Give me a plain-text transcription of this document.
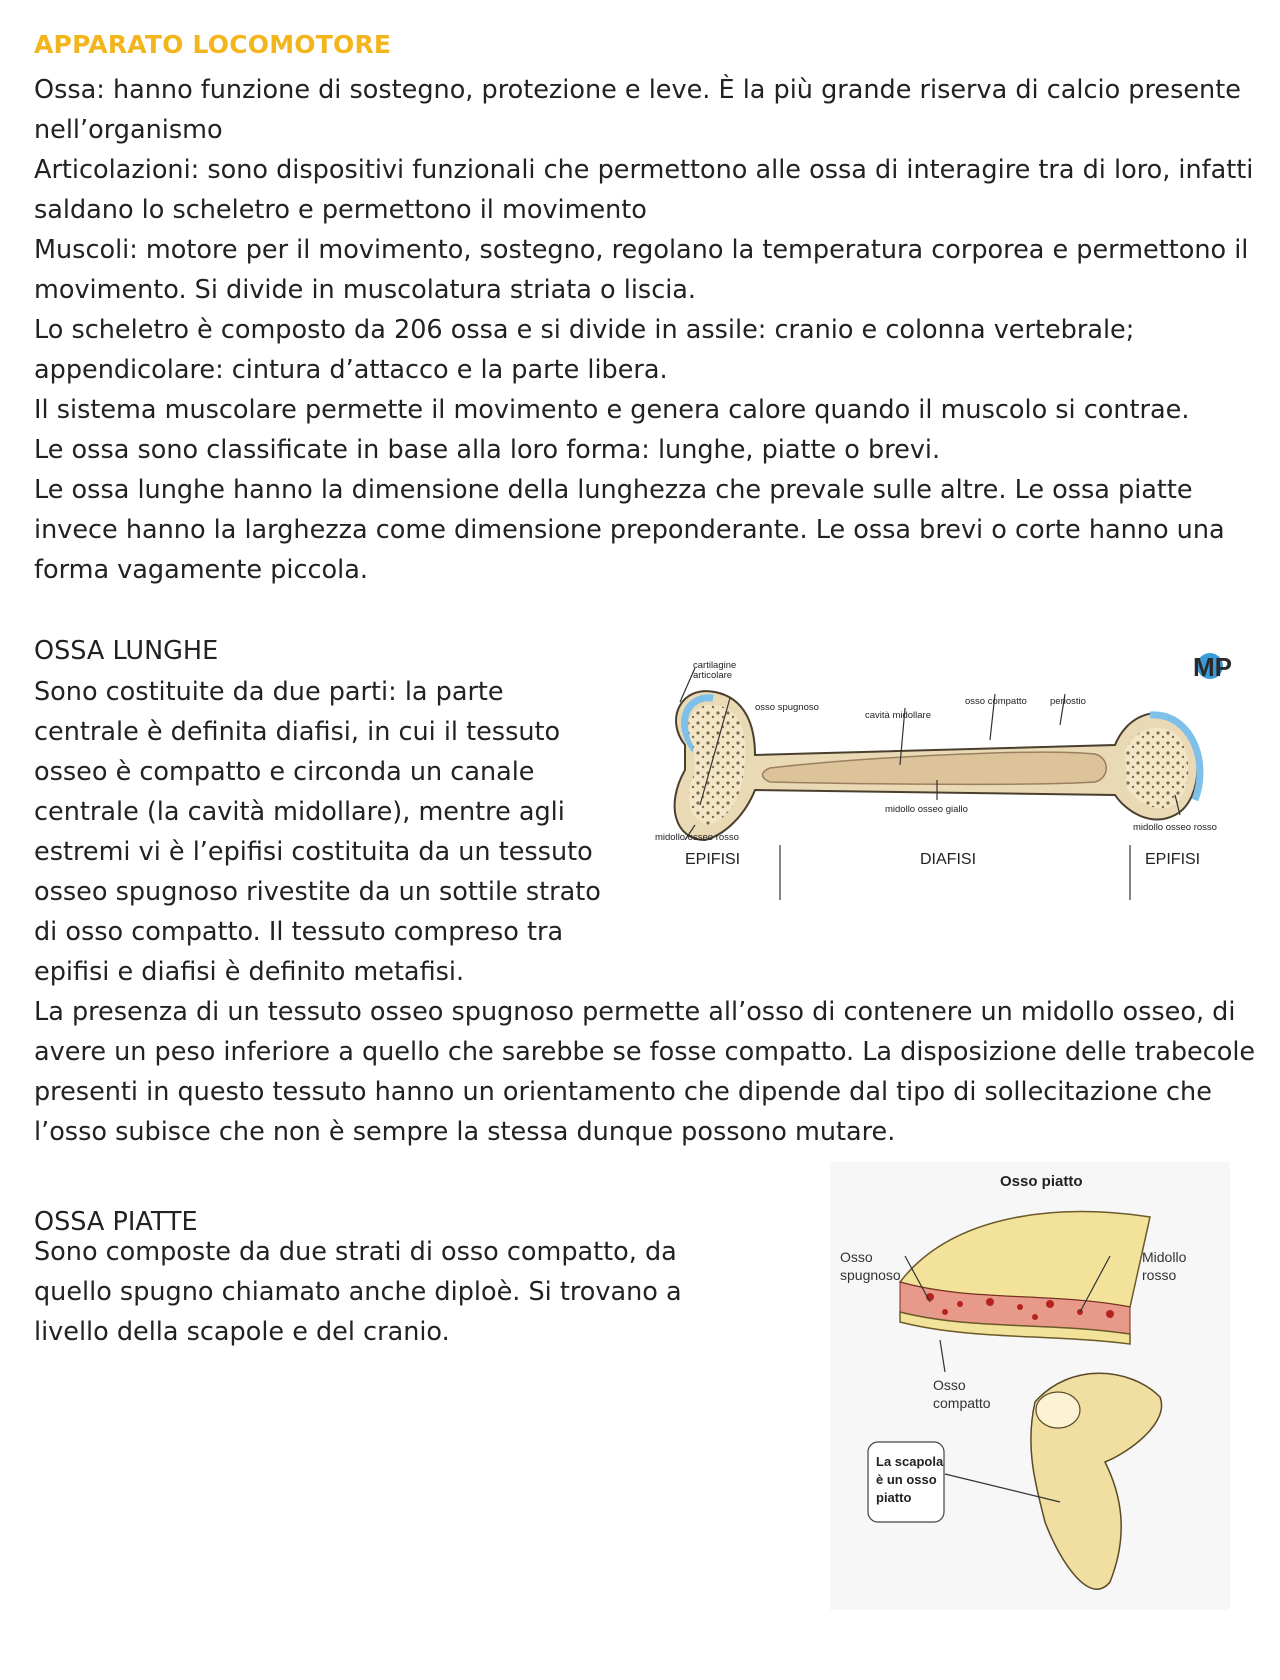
APPARATO LOCOMOTORE

Ossa: hanno funzione di sostegno, protezione e leve. È la più grande riserva di calcio presente nell’organismo

Articolazioni: sono dispositivi funzionali che permettono alle ossa di interagire tra di loro, infatti saldano lo scheletro e permettono il movimento

Muscoli: motore per il movimento, sostegno, regolano la temperatura corporea e permettono il movimento. Si divide in muscolatura striata o liscia.

Lo scheletro è composto da 206 ossa e si divide in assile: cranio e colonna vertebrale; appendicolare: cintura d’attacco e la parte libera.

Il sistema muscolare permette il movimento e genera calore quando il muscolo si contrae.

Le ossa sono classificate in base alla loro forma: lunghe, piatte o brevi.

Le ossa lunghe hanno la dimensione della lunghezza che prevale sulle altre. Le ossa piatte invece hanno la larghezza come dimensione preponderante. Le ossa brevi o corte hanno una forma vagamente piccola.

OSSA LUNGHE
Sono costituite da due parti: la parte
centrale è definita diafisi, in cui il tessuto
osseo è compatto e circonda un canale
centrale (la cavità midollare), mentre agli
estremi vi è l’epifisi costituita da un tessuto
osseo spugnoso rivestite da un sottile strato
di osso compatto. Il tessuto compreso tra
epifisi e diafisi è definito metafisi.
La presenza di un tessuto osseo spugnoso permette all’osso di contenere un midollo osseo, di avere un peso inferiore a quello che sarebbe se fosse compatto. La disposizione delle trabecole presenti in questo tessuto hanno un orientamento che dipende dal tipo di sollecitazione che l’osso subisce che non è sempre la stessa dunque possono mutare.
MP
cartilagine
articolare
osso spugnoso
cavità midollare
osso compatto periostio
midollo osseo giallo
midollo osseo rosso
midollo osseo rosso
EPIFISI	DIAFISI	EPIFISI
OSSA PIATTE
Sono composte da due strati di osso compatto, da
quello spugno chiamato anche diploè. Si trovano a
livello della scapole e del cranio.
Osso piatto
Osso
spugnoso
Midollo
rosso
Osso
compatto
La scapola
è un osso
piatto
